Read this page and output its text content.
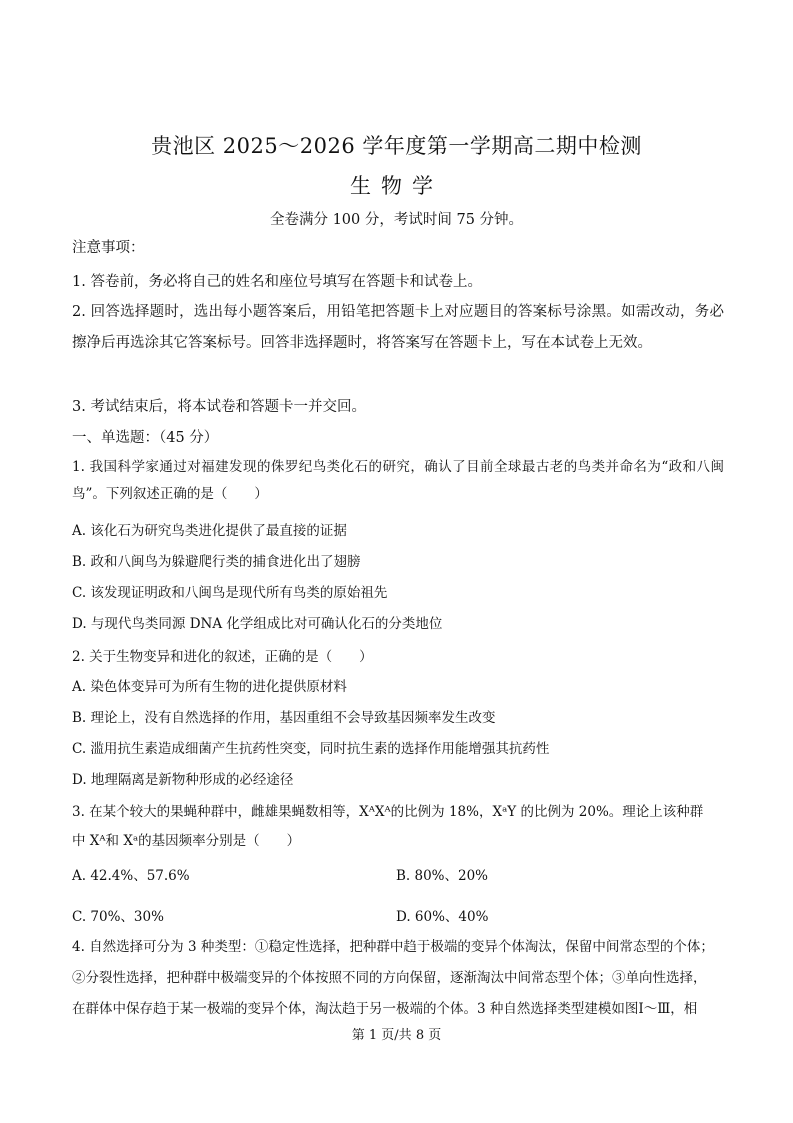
贵池区 2025～2026 学年度第一学期高二期中检测
生物学
全卷满分 100 分，考试时间 75 分钟。
注意事项：
1. 答卷前，务必将自己的姓名和座位号填写在答题卡和试卷上。
2. 回答选择题时，选出每小题答案后，用铅笔把答题卡上对应题目的答案标号涂黑。如需改动，务必擦净后再选涂其它答案标号。回答非选择题时，将答案写在答题卡上，写在本试卷上无效。
3. 考试结束后，将本试卷和答题卡一并交回。
一、单选题：（45 分）
1. 我国科学家通过对福建发现的侏罗纪鸟类化石的研究，确认了目前全球最古老的鸟类并命名为“政和八闽鸟”。下列叙述正确的是（　　）
A. 该化石为研究鸟类进化提供了最直接的证据
B. 政和八闽鸟为躲避爬行类的捕食进化出了翅膀
C. 该发现证明政和八闽鸟是现代所有鸟类的原始祖先
D. 与现代鸟类同源 DNA 化学组成比对可确认化石的分类地位
2. 关于生物变异和进化的叙述，正确的是（　　）
A. 染色体变异可为所有生物的进化提供原材料
B. 理论上，没有自然选择的作用，基因重组不会导致基因频率发生改变
C. 滥用抗生素造成细菌产生抗药性突变，同时抗生素的选择作用能增强其抗药性
D. 地理隔离是新物种形成的必经途径
3. 在某个较大的果蝇种群中，雌雄果蝇数相等，XᴬXᴬ的比例为 18%，XᵃY 的比例为 20%。理论上该种群
中 Xᴬ和 Xᵃ的基因频率分别是（　　）
A. 42.4%、57.6%	B. 80%、20%
C. 70%、30%	D. 60%、40%
4. 自然选择可分为 3 种类型：①稳定性选择，把种群中趋于极端的变异个体淘汰，保留中间常态型的个体；
②分裂性选择，把种群中极端变异的个体按照不同的方向保留，逐渐淘汰中间常态型个体；③单向性选择，
在群体中保存趋于某一极端的变异个体，淘汰趋于另一极端的个体。3 种自然选择类型建模如图Ⅰ～Ⅲ，相
第 1 页/共 8 页
